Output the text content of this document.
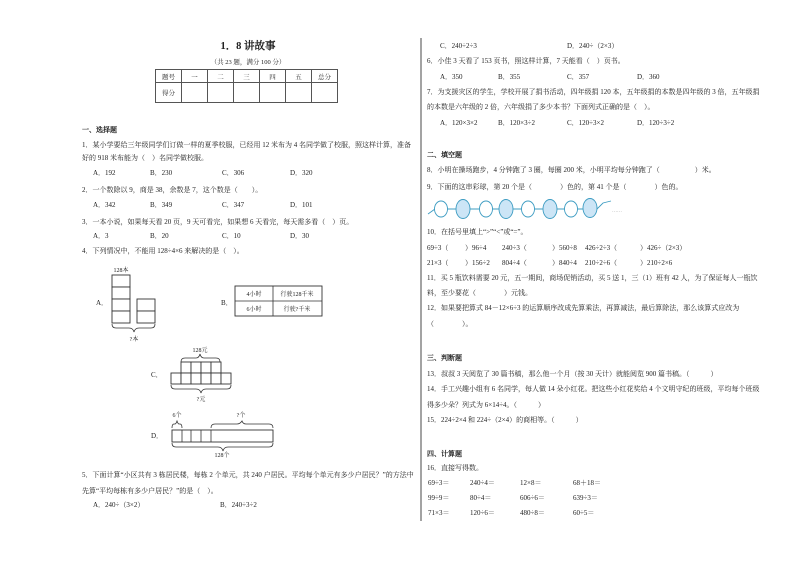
1．8 讲故事
（共 23 题，满分 100 分）
题号	一	二	三	四	五	总分
得分						
一、选择题
1．某小学要给三年级同学们订做一样的夏季校服，已经用 12 米布为 4 名同学做了校服，照这样计算，准备
好的 918 米布能为（　）名同学做校服。
A．192	B．230	C．306	D．320
2．一个数除以 9，商是 38，余数是 7，这个数是（　　）。
A．342	B．349	C．347	D．101
3．一本小说，如果每天看 20 页，9 天可看完，如果想 6 天看完，每天需多看（　）页。
A．3	B．20	C．10	D．30
4．下列情况中，不能用 128÷4×6 来解决的是（　）。
A．	B．
C．
D．
5．下面计算“小区共有 3 栋居民楼，每栋 2 个单元，共 240 户居民。平均每个单元有多少户居民？”的方法中
先算“平均每栋有多少户居民？”的是（　）。
A．240÷（3×2）	B．240÷3÷2
C．240÷2÷3	D．240÷（2×3）
6．小佳 3 天看了 153 页书，照这样计算，7 天能看（　）页书。
A．350	B．355	C．357	D．360
7．为支援灾区的学生，学校开展了捐书活动，四年级捐 120 本，五年级捐的本数是四年级的 3 倍，五年级捐
的本数是六年级的 2 倍，六年级捐了多少本书？下面列式正确的是（　）。
A．120×3×2	B．120×3÷2	C．120÷3×2	D．120÷3÷2
二、填空题
8．小明在操场跑步，4 分钟跑了 3 圈，每圈 200 米，小明平均每分钟跑了（　　　　　）米。
9．下面的这串彩球，第 20 个是（　　　　）色的，第 41 个是（　　　　）色的。
10．在括号里填上“>”“<”或“=”。
69÷3（ ）96÷4 240÷3（	）560÷8 426÷2÷3（	）426÷（2×3）
21×3（ ）156÷2 804÷4（	）840÷4 210÷2÷6（	）210÷2×6
11．买 5 瓶饮料需要 20 元，五一期间，商场促销活动，买 5 送 1，三（1）班有 42 人，为了保证每人一瓶饮
料，至少要花（　　　　）元钱。
12．如果要把算式 84－12×6÷3 的运算顺序改成先算乘法，再算减法，最后算除法，那么该算式应改为
（　　　　）。
三、判断题
13．叔叔 3 天阅览了 30 篇书稿，那么他一个月（按 30 天计）就能阅览 900 篇书稿。（　　　）
14．手工兴趣小组有 6 名同学，每人做 14 朵小红花。把这些小红花奖给 4 个文明守纪的班级，平均每个班级
得多少朵？列式为 6×14÷4。（　　　）
15．224÷2×4 和 224÷（2×4）的商相等。（　　　）
四、计算题
16．直接写得数。
69÷3＝	240÷4＝	12×8＝	68＋18＝
99÷9＝	80÷4＝	606÷6＝	639÷3＝
71×3＝	120÷6＝	480÷8＝	60÷5＝
128本
?本
4小时	行驶128千米
6小时	行驶?千米
128元
?元
6个	?个
128个
……
